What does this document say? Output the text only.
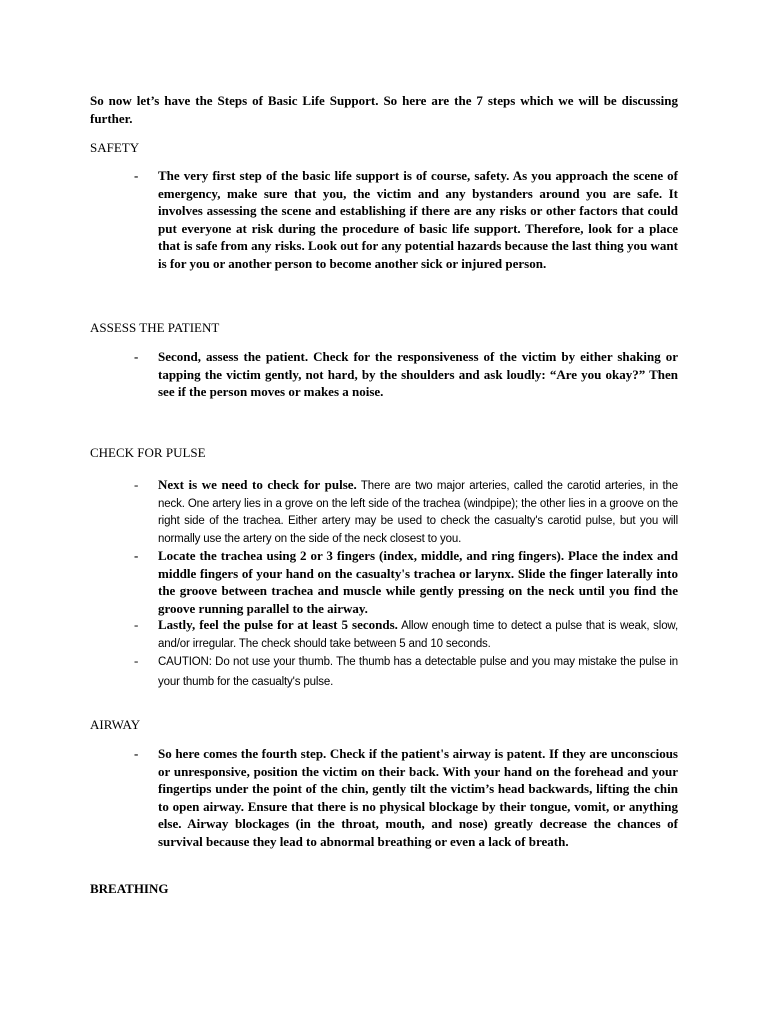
So now let’s have the Steps of Basic Life Support. So here are the 7 steps which we will be discussing further.

SAFETY
- The very first step of the basic life support is of course, safety. As you approach the scene of emergency, make sure that you, the victim and any bystanders around you are safe. It involves assessing the scene and establishing if there are any risks or other factors that could put everyone at risk during the procedure of basic life support. Therefore, look for a place that is safe from any risks. Look out for any potential hazards because the last thing you want is for you or another person to become another sick or injured person.
ASSESS THE PATIENT
- Second, assess the patient. Check for the responsiveness of the victim by either shaking or tapping the victim gently, not hard, by the shoulders and ask loudly: “Are you okay?” Then see if the person moves or makes a noise.
CHECK FOR PULSE
- Next is we need to check for pulse. There are two major arteries, called the carotid arteries, in the neck. One artery lies in a grove on the left side of the trachea (windpipe); the other lies in a groove on the right side of the trachea. Either artery may be used to check the casualty's carotid pulse, but you will normally use the artery on the side of the neck closest to you.
- Locate the trachea using 2 or 3 fingers (index, middle, and ring fingers). Place the index and middle fingers of your hand on the casualty's trachea or larynx. Slide the finger laterally into the groove between trachea and muscle while gently pressing on the neck until you find the groove running parallel to the airway.
- Lastly, feel the pulse for at least 5 seconds. Allow enough time to detect a pulse that is weak, slow, and/or irregular. The check should take between 5 and 10 seconds.
- CAUTION: Do not use your thumb. The thumb has a detectable pulse and you may mistake the pulse in your thumb for the casualty's pulse.
AIRWAY
- So here comes the fourth step. Check if the patient's airway is patent. If they are unconscious or unresponsive, position the victim on their back. With your hand on the forehead and your fingertips under the point of the chin, gently tilt the victim’s head backwards, lifting the chin to open airway. Ensure that there is no physical blockage by their tongue, vomit, or anything else. Airway blockages (in the throat, mouth, and nose) greatly decrease the chances of survival because they lead to abnormal breathing or even a lack of breath.
BREATHING
